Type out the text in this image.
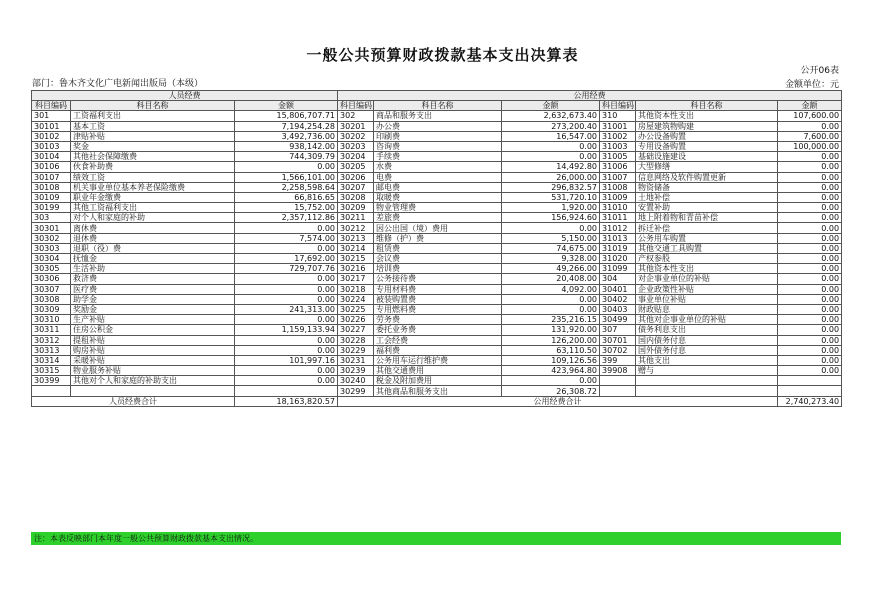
一般公共预算财政拨款基本支出决算表
公开06表
部门：鲁木齐文化广电新闻出版局（本级）	金额单位：元
人员经费			公用经费					
科目编码	科目名称	金额	科目编码	科目名称	金额	科目编码	科目名称	金额
301	工资福利支出	15,806,707.71	302	商品和服务支出	2,632,673.40	310	其他资本性支出	107,600.00
30101	基本工资	7,194,254.28	30201	办公费	273,200.40	31001	房屋建筑物购建	0.00
30102	津贴补贴	3,492,736.00	30202	印刷费	16,547.00	31002	办公设备购置	7,600.00
30103	奖金	938,142.00	30203	咨询费	0.00	31003	专用设备购置	100,000.00
30104	其他社会保障缴费	744,309.79	30204	手续费	0.00	31005	基础设施建设	0.00
30106	伙食补助费	0.00	30205	水费	14,492.80	31006	大型修缮	0.00
30107	绩效工资	1,566,101.00	30206	电费	26,000.00	31007	信息网络及软件购置更新	0.00
30108	机关事业单位基本养老保险缴费	2,258,598.64	30207	邮电费	296,832.57	31008	物资储备	0.00
30109	职业年金缴费	66,816.65	30208	取暖费	531,720.10	31009	土地补偿	0.00
30199	其他工资福利支出	15,752.00	30209	物业管理费	1,920.00	31010	安置补助	0.00
303	对个人和家庭的补助	2,357,112.86	30211	差旅费	156,924.60	31011	地上附着物和青苗补偿	0.00
30301	离休费	0.00	30212	因公出国（境）费用	0.00	31012	拆迁补偿	0.00
30302	退休费	7,574.00	30213	维修（护）费	5,150.00	31013	公务用车购置	0.00
30303	退职（役）费	0.00	30214	租赁费	74,675.00	31019	其他交通工具购置	0.00
30304	抚恤金	17,692.00	30215	会议费	9,328.00	31020	产权参股	0.00
30305	生活补助	729,707.76	30216	培训费	49,266.00	31099	其他资本性支出	0.00
30306	救济费	0.00	30217	公务接待费	20,408.00	304	对企事业单位的补贴	0.00
30307	医疗费	0.00	30218	专用材料费	4,092.00	30401	企业政策性补贴	0.00
30308	助学金	0.00	30224	被装购置费	0.00	30402	事业单位补贴	0.00
30309	奖励金	241,313.00	30225	专用燃料费	0.00	30403	财政贴息	0.00
30310	生产补贴	0.00	30226	劳务费	235,216.15	30499	其他对企事业单位的补贴	0.00
30311	住房公积金	1,159,133.94	30227	委托业务费	131,920.00	307	债务利息支出	0.00
30312	提租补贴	0.00	30228	工会经费	126,200.00	30701	国内债务付息	0.00
30313	购房补贴	0.00	30229	福利费	63,110.50	30702	国外债务付息	0.00
30314	采暖补贴	101,997.16	30231	公务用车运行维护费	109,126.56	399	其他支出	0.00
30315	物业服务补贴	0.00	30239	其他交通费用	423,964.80	39908	赠与	0.00
30399	其他对个人和家庭的补助支出	0.00	30240	税金及附加费用	0.00			
			30299	其他商品和服务支出	26,308.72			
人员经费合计		18,163,820.57	公用经费合计					2,740,273.40
注：本表反映部门本年度一般公共预算财政拨款基本支出情况。
